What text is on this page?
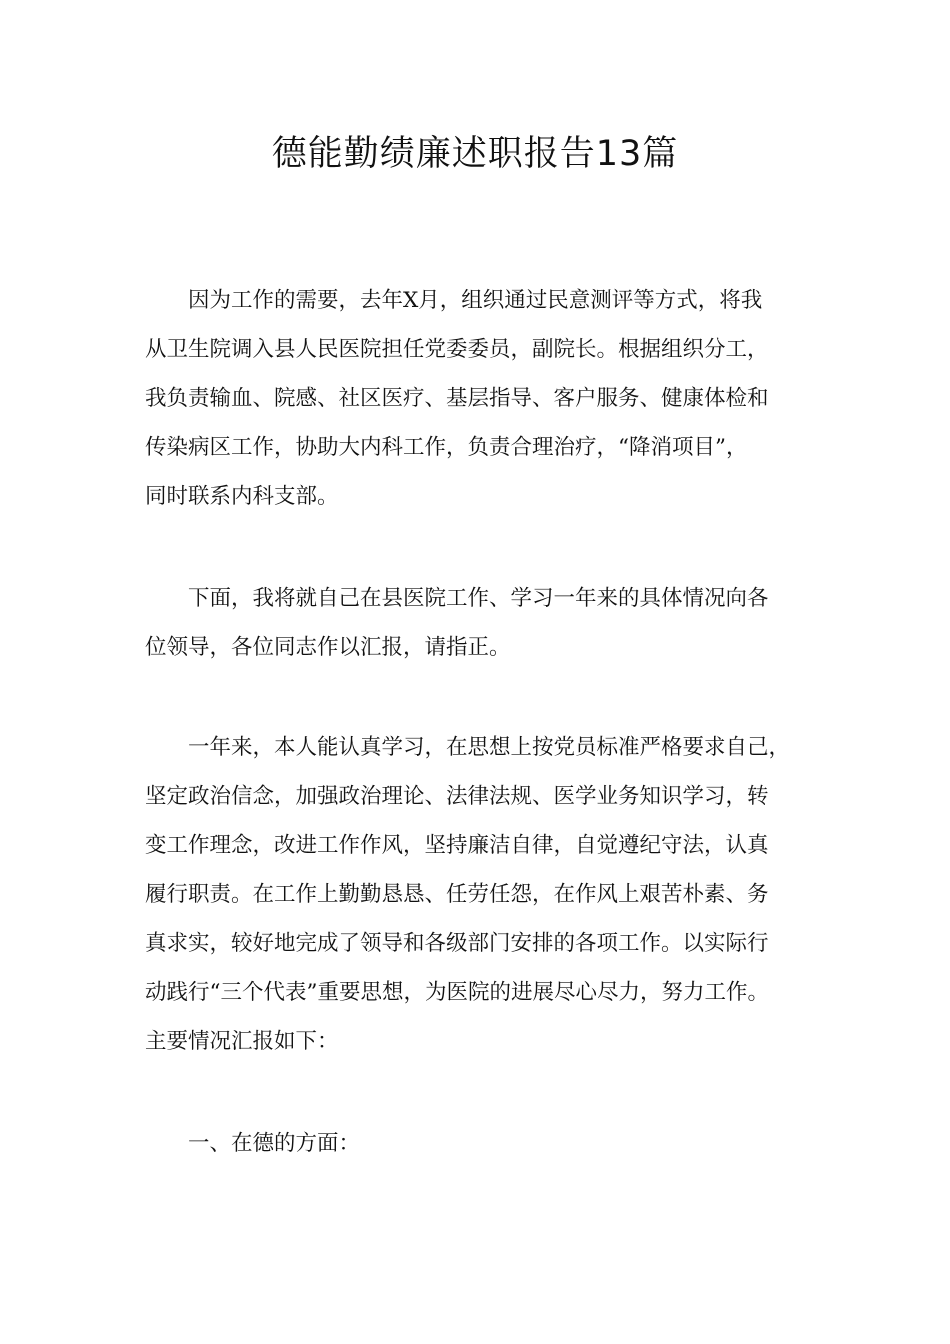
德能勤绩廉述职报告13篇
　　因为工作的需要，去年X月，组织通过民意测评等方式，将我
从卫生院调入县人民医院担任党委委员，副院长。根据组织分工，
我负责输血、院感、社区医疗、基层指导、客户服务、健康体检和
传染病区工作，协助大内科工作，负责合理治疗，“降消项目”，
同时联系内科支部。
　　下面，我将就自己在县医院工作、学习一年来的具体情况向各
位领导，各位同志作以汇报，请指正。
　　一年来，本人能认真学习，在思想上按党员标准严格要求自己，
坚定政治信念，加强政治理论、法律法规、医学业务知识学习，转
变工作理念，改进工作作风，坚持廉洁自律，自觉遵纪守法，认真
履行职责。在工作上勤勤恳恳、任劳任怨，在作风上艰苦朴素、务
真求实，较好地完成了领导和各级部门安排的各项工作。以实际行
动践行“三个代表”重要思想，为医院的进展尽心尽力，努力工作。
主要情况汇报如下：
　　一、在德的方面：
